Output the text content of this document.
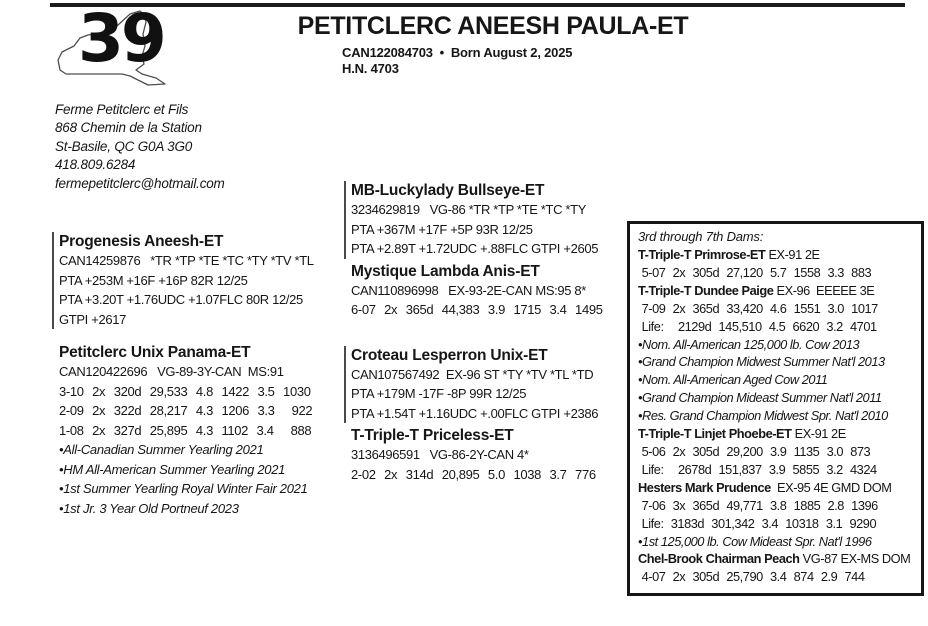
39	PETITCLERC ANEESH PAULA-ET
CAN122084703 • Born August 2, 2025
H.N. 4703
Ferme Petitclerc et Fils
868 Chemin de la Station
St-Basile, QC G0A 3G0
418.809.6284
fermepetitclerc@hotmail.com
Progenesis Aneesh-ET
CAN14259876   *TR *TP *TE *TC *TY *TV *TL
PTA +253M +16F +16P 82R 12/25
PTA +3.20T +1.76UDC +1.07FLC 80R 12/25
GTPI +2617
Petitclerc Unix Panama-ET
CAN120422696   VG-89-3Y-CAN  MS:91
3-10  2x  320d  29,533  4.8  1422  3.5  1030
2-09  2x  322d  28,217  4.3  1206  3.3    922
1-08  2x  327d  25,895  4.3  1102  3.4    888
•All-Canadian Summer Yearling 2021
•HM All-American Summer Yearling 2021
•1st Summer Yearling Royal Winter Fair 2021
•1st Jr. 3 Year Old Portneuf 2023
MB-Luckylady Bullseye-ET
3234629819   VG-86 *TR *TP *TE *TC *TY
PTA +367M +17F +5P 93R 12/25
PTA +2.89T +1.72UDC +.88FLC GTPI +2605
Mystique Lambda Anis-ET
CAN110896998   EX-93-2E-CAN MS:95 8*
6-07  2x  365d  44,383  3.9  1715  3.4  1495
Croteau Lesperron Unix-ET
CAN107567492  EX-96 ST *TY *TV *TL *TD
PTA +179M -17F -8P 99R 12/25
PTA +1.54T +1.16UDC +.00FLC GTPI +2386
T-Triple-T Priceless-ET
3136496591   VG-86-2Y-CAN 4*
2-02  2x  314d  20,895  5.0  1038  3.7  776
3rd through 7th Dams:
T-Triple-T Primrose-ET EX-91 2E
5-07  2x  305d  27,120  5.7  1558  3.3  883
T-Triple-T Dundee Paige EX-96  EEEEE 3E
7-09  2x  365d  33,420  4.6  1551  3.0  1017
Life:    2129d  145,510  4.5  6620  3.2  4701
•Nom. All-American 125,000 lb. Cow 2013
•Grand Champion Midwest Summer Nat'l 2013
•Nom. All-American Aged Cow 2011
•Grand Champion Mideast Summer Nat'l 2011
•Res. Grand Champion Midwest Spr. Nat'l 2010
T-Triple-T Linjet Phoebe-ET EX-91 2E
5-06  2x  305d  29,200  3.9  1135  3.0  873
Life:    2678d  151,837  3.9  5855  3.2  4324
Hesters Mark Prudence  EX-95 4E GMD DOM
7-06  3x  365d  49,771  3.8  1885  2.8  1396
Life:  3183d  301,342  3.4  10318  3.1  9290
•1st 125,000 lb. Cow Mideast Spr. Nat'l 1996
Chel-Brook Chairman Peach VG-87 EX-MS DOM
4-07  2x  305d  25,790  3.4  874  2.9  744
